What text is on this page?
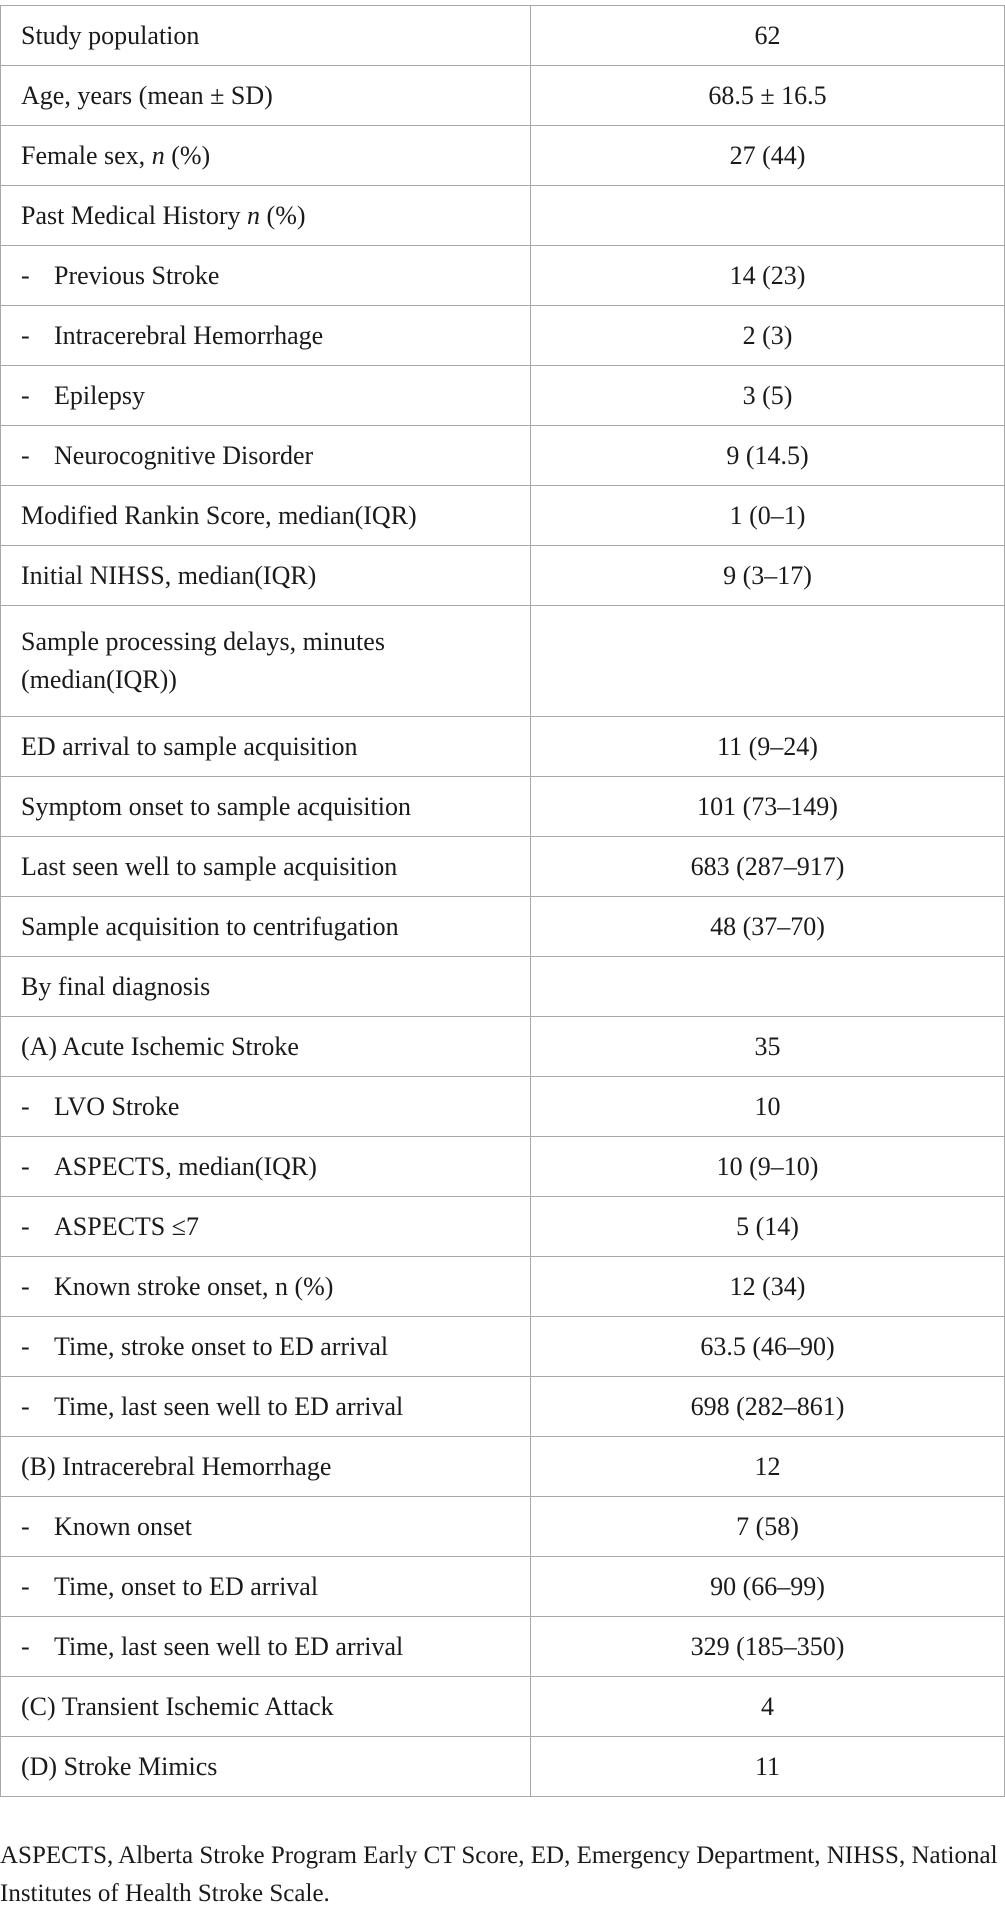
Study population	62
Age, years (mean ± SD)	68.5 ± 16.5
Female sex, n (%)	27 (44)
Past Medical History n (%)	
- Previous Stroke	14 (23)
- Intracerebral Hemorrhage	2 (3)
- Epilepsy	3 (5)
- Neurocognitive Disorder	9 (14.5)
Modified Rankin Score, median(IQR)	1 (0–1)
Initial NIHSS, median(IQR)	9 (3–17)
Sample processing delays, minutes (median(IQR))	
ED arrival to sample acquisition	11 (9–24)
Symptom onset to sample acquisition	101 (73–149)
Last seen well to sample acquisition	683 (287–917)
Sample acquisition to centrifugation	48 (37–70)
By final diagnosis	
(A) Acute Ischemic Stroke	35
- LVO Stroke	10
- ASPECTS, median(IQR)	10 (9–10)
- ASPECTS ≤7	5 (14)
- Known stroke onset, n (%)	12 (34)
- Time, stroke onset to ED arrival	63.5 (46–90)
- Time, last seen well to ED arrival	698 (282–861)
(B) Intracerebral Hemorrhage	12
- Known onset	7 (58)
- Time, onset to ED arrival	90 (66–99)
- Time, last seen well to ED arrival	329 (185–350)
(C) Transient Ischemic Attack	4
(D) Stroke Mimics	11
ASPECTS, Alberta Stroke Program Early CT Score, ED, Emergency Department, NIHSS, National Institutes of Health Stroke Scale.
